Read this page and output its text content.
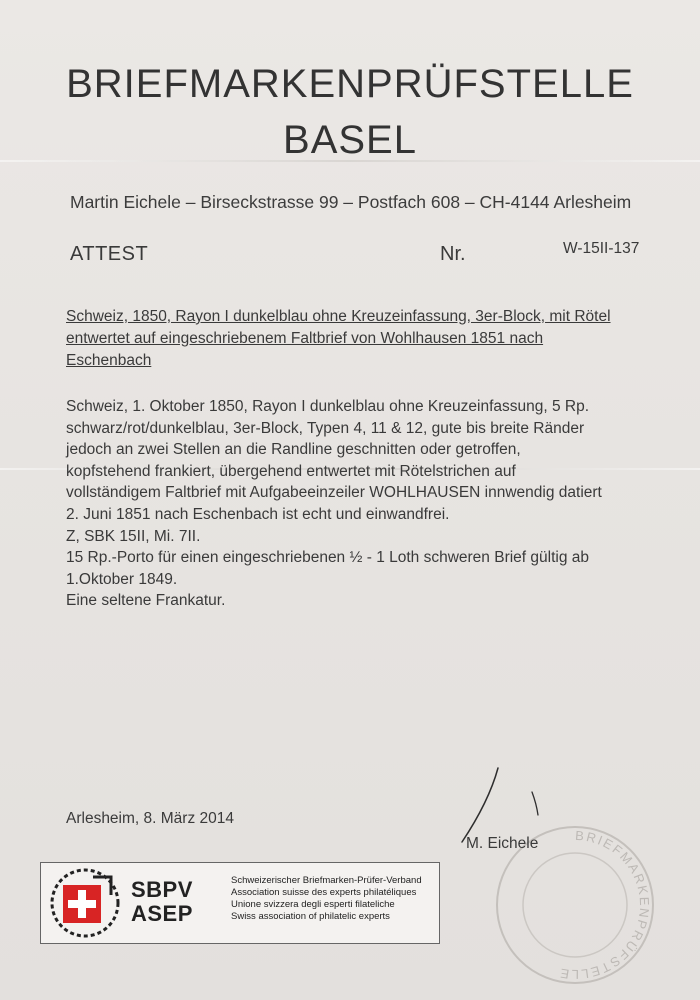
BRIEFMARKENPRÜFSTELLE
BASEL
Martin Eichele – Birseckstrasse 99 – Postfach 608 – CH-4144 Arlesheim
ATTEST	Nr.	W-15II-137
Schweiz, 1850, Rayon I dunkelblau ohne Kreuzeinfassung, 3er-Block, mit Rötel
entwertet auf eingeschriebenem Faltbrief von Wohlhausen 1851 nach
Eschenbach
Schweiz, 1. Oktober 1850, Rayon I dunkelblau ohne Kreuzeinfassung, 5 Rp.
schwarz/rot/dunkelblau, 3er-Block, Typen 4, 11 & 12, gute bis breite Ränder
jedoch an zwei Stellen an die Randline geschnitten oder getroffen,
kopfstehend frankiert, übergehend entwertet mit Rötelstrichen auf
vollständigem Faltbrief mit Aufgabeeinzeiler WOHLHAUSEN innwendig datiert
2. Juni 1851 nach Eschenbach ist echt und einwandfrei.
Z, SBK 15II, Mi. 7II.
15 Rp.-Porto für einen eingeschriebenen ½ - 1 Loth schweren Brief gültig ab
1.Oktober 1849.
Eine seltene Frankatur.
Arlesheim, 8. März 2014
BRIEFMARKENPRÜFSTELLE
M. Eichele
SBPV
ASEP
Schweizerischer Briefmarken-Prüfer-Verband
Association suisse des experts philatéliques
Unione svizzera degli esperti filateliche
Swiss association of philatelic experts
